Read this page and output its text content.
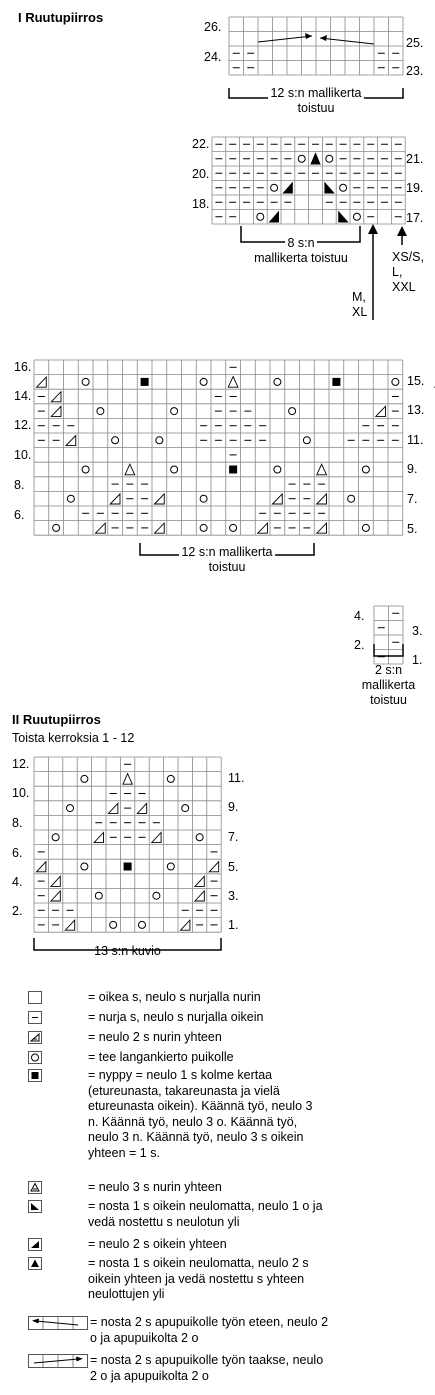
I Ruutupiirros
26.
24.
25.
23.
12 s:n mallikerta
toistuu
22.
20.
18.
21.
19.
17.
8 s:n
mallikerta toistuu	XS/S,
L,
XXL
M,
XL
16.
14.
12.
10.
8.
6.
15.
13.
11.
9.
7.
5.
12 s:n mallikerta
toistuu
4.
2.
3.
1.
2 s:n
mallikerta
toistuu
II Ruutupiirros
Toista kerroksia 1 - 12
12.
10.
8.
6.
4.
2.
11.
9.
7.
5.
3.
1.
13 s:n kuvio
= oikea s, neulo s nurjalla nurin
= nurja s, neulo s nurjalla oikein
= neulo 2 s nurin yhteen
= tee langankierto puikolle
= nyppy = neulo 1 s kolme kertaa (etureunasta, takareunasta ja vielä etureunasta oikein). Käännä työ, neulo 3 n. Käännä työ, neulo 3 o. Käännä työ, neulo 3 n. Käännä työ, neulo 3 s oikein yhteen = 1 s.
= neulo 3 s nurin yhteen
= nosta 1 s oikein neulomatta, neulo 1 o ja vedä nostettu s neulotun yli
= neulo 2 s oikein yhteen
= nosta 1 s oikein neulomatta, neulo 2 s oikein yhteen ja vedä nostettu s yhteen neulottujen yli
= nosta 2 s apupuikolle työn eteen, neulo 2 o ja apupuikolta 2 o
= nosta 2 s apupuikolle työn taakse, neulo 2 o ja apupuikolta 2 o
